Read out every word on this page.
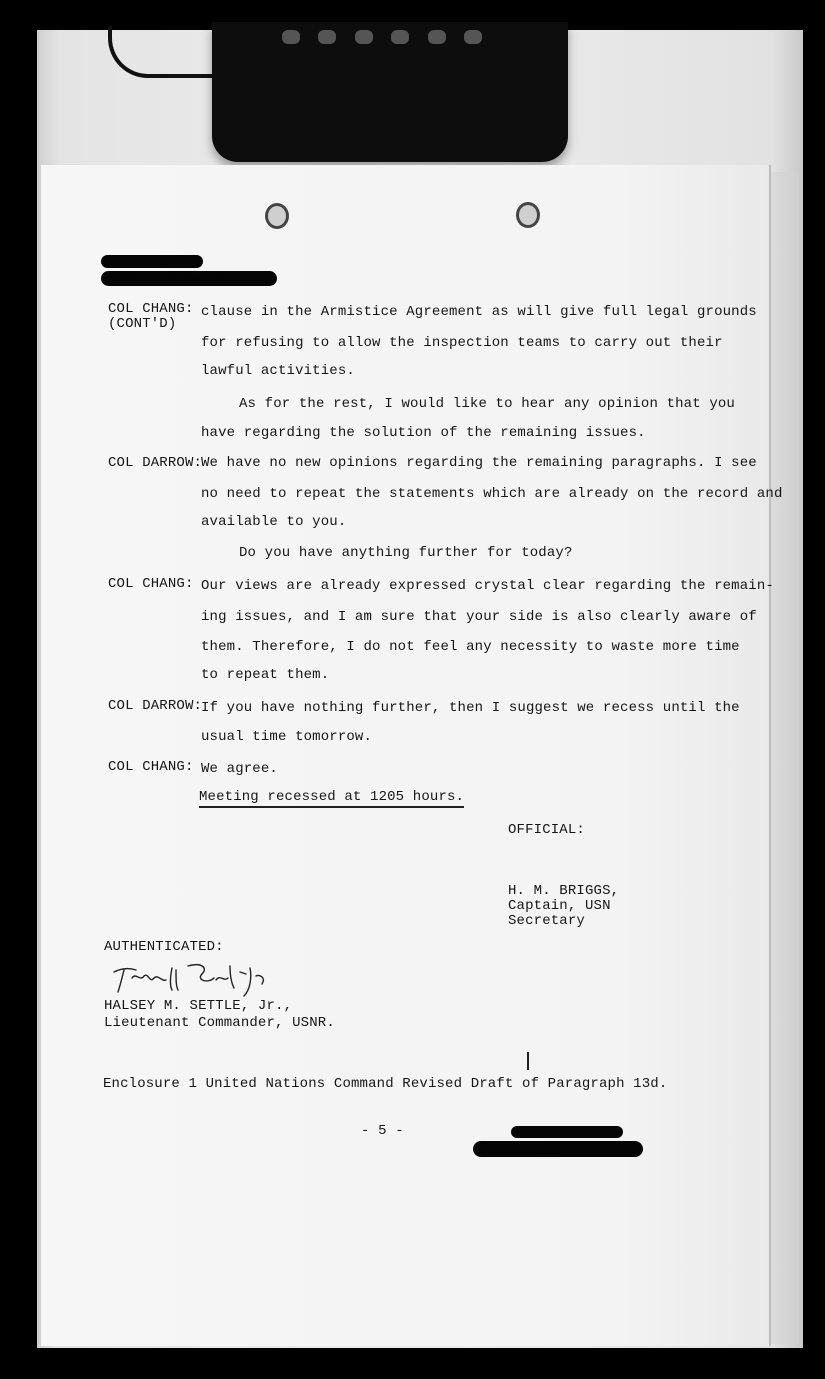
SECURITY INFORMATION
COL CHANG:
(CONT'D)
clause in the Armistice Agreement as will give full legal grounds
for refusing to allow the inspection teams to carry out their
lawful activities.
As for the rest, I would like to hear any opinion that you
have regarding the solution of the remaining issues.
COL DARROW:
We have no new opinions regarding the remaining paragraphs. I see
no need to repeat the statements which are already on the record and
available to you.
Do you have anything further for today?
COL CHANG: Our views are already expressed crystal clear regarding the remain-
ing issues, and I am sure that your side is also clearly aware of
them. Therefore, I do not feel any necessity to waste more time
to repeat them.
COL DARROW:
If you have nothing further, then I suggest we recess until the
usual time tomorrow.
COL CHANG: We agree.
Meeting recessed at 1205 hours.
OFFICIAL:
H. M. BRIGGS,
Captain, USN
Secretary
AUTHENTICATED:
HALSEY M. SETTLE, Jr.,
Lieutenant Commander, USNR.
Enclosure 1 United Nations Command Revised Draft of Paragraph 13d.
- 5 -
